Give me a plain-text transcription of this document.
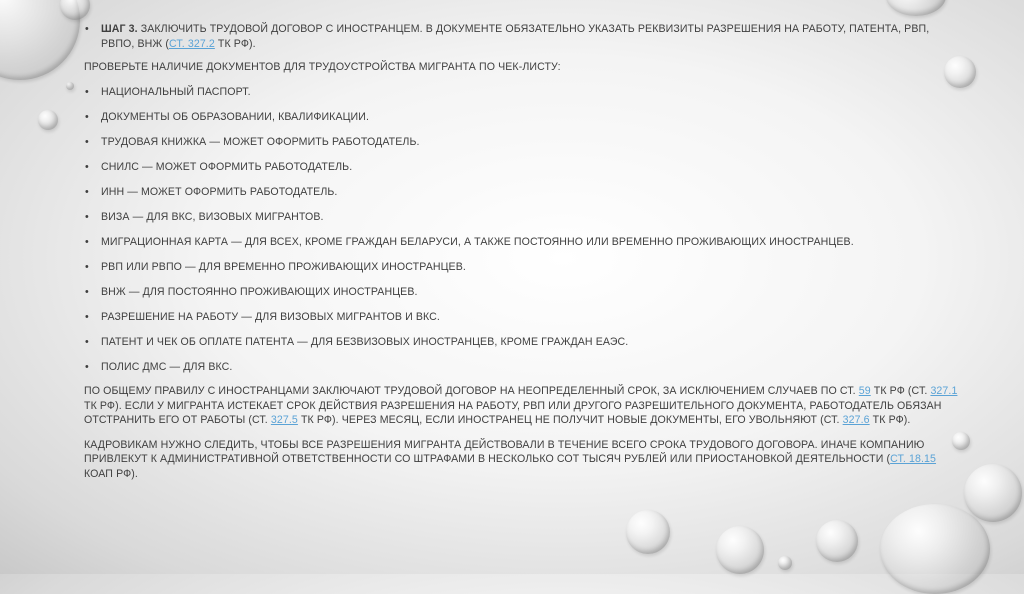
• ШАГ 3. ЗАКЛЮЧИТЬ ТРУДОВОЙ ДОГОВОР С ИНОСТРАНЦЕМ. В ДОКУМЕНТЕ ОБЯЗАТЕЛЬНО УКАЗАТЬ РЕКВИЗИТЫ РАЗРЕШЕНИЯ НА РАБОТУ, ПАТЕНТА, РВП, РВПО, ВНЖ (СТ. 327.2 ТК РФ).

ПРОВЕРЬТЕ НАЛИЧИЕ ДОКУМЕНТОВ ДЛЯ ТРУДОУСТРОЙСТВА МИГРАНТА ПО ЧЕК-ЛИСТУ:

• НАЦИОНАЛЬНЫЙ ПАСПОРТ.

• ДОКУМЕНТЫ ОБ ОБРАЗОВАНИИ, КВАЛИФИКАЦИИ.

• ТРУДОВАЯ КНИЖКА — МОЖЕТ ОФОРМИТЬ РАБОТОДАТЕЛЬ.

• СНИЛС — МОЖЕТ ОФОРМИТЬ РАБОТОДАТЕЛЬ.

• ИНН — МОЖЕТ ОФОРМИТЬ РАБОТОДАТЕЛЬ.

• ВИЗА — ДЛЯ ВКС, ВИЗОВЫХ МИГРАНТОВ.

• МИГРАЦИОННАЯ КАРТА — ДЛЯ ВСЕХ, КРОМЕ ГРАЖДАН БЕЛАРУСИ, А ТАКЖЕ ПОСТОЯННО ИЛИ ВРЕМЕННО ПРОЖИВАЮЩИХ ИНОСТРАНЦЕВ.

• РВП ИЛИ РВПО — ДЛЯ ВРЕМЕННО ПРОЖИВАЮЩИХ ИНОСТРАНЦЕВ.

• ВНЖ — ДЛЯ ПОСТОЯННО ПРОЖИВАЮЩИХ ИНОСТРАНЦЕВ.

• РАЗРЕШЕНИЕ НА РАБОТУ — ДЛЯ ВИЗОВЫХ МИГРАНТОВ И ВКС.

• ПАТЕНТ И ЧЕК ОБ ОПЛАТЕ ПАТЕНТА — ДЛЯ БЕЗВИЗОВЫХ ИНОСТРАНЦЕВ, КРОМЕ ГРАЖДАН ЕАЭС.

• ПОЛИС ДМС — ДЛЯ ВКС.

ПО ОБЩЕМУ ПРАВИЛУ С ИНОСТРАНЦАМИ ЗАКЛЮЧАЮТ ТРУДОВОЙ ДОГОВОР НА НЕОПРЕДЕЛЕННЫЙ СРОК, ЗА ИСКЛЮЧЕНИЕМ СЛУЧАЕВ ПО СТ. 59 ТК РФ (СТ. 327.1 ТК РФ). ЕСЛИ У МИГРАНТА ИСТЕКАЕТ СРОК ДЕЙСТВИЯ РАЗРЕШЕНИЯ НА РАБОТУ, РВП ИЛИ ДРУГОГО РАЗРЕШИТЕЛЬНОГО ДОКУМЕНТА, РАБОТОДАТЕЛЬ ОБЯЗАН ОТСТРАНИТЬ ЕГО ОТ РАБОТЫ (СТ. 327.5 ТК РФ). ЧЕРЕЗ МЕСЯЦ, ЕСЛИ ИНОСТРАНЕЦ НЕ ПОЛУЧИТ НОВЫЕ ДОКУМЕНТЫ, ЕГО УВОЛЬНЯЮТ (СТ. 327.6 ТК РФ).

КАДРОВИКАМ НУЖНО СЛЕДИТЬ, ЧТОБЫ ВСЕ РАЗРЕШЕНИЯ МИГРАНТА ДЕЙСТВОВАЛИ В ТЕЧЕНИЕ ВСЕГО СРОКА ТРУДОВОГО ДОГОВОРА. ИНАЧЕ КОМПАНИЮ ПРИВЛЕКУТ К АДМИНИСТРАТИВНОЙ ОТВЕТСТВЕННОСТИ СО ШТРАФАМИ В НЕСКОЛЬКО СОТ ТЫСЯЧ РУБЛЕЙ ИЛИ ПРИОСТАНОВКОЙ ДЕЯТЕЛЬНОСТИ (СТ. 18.15 КОАП РФ).
